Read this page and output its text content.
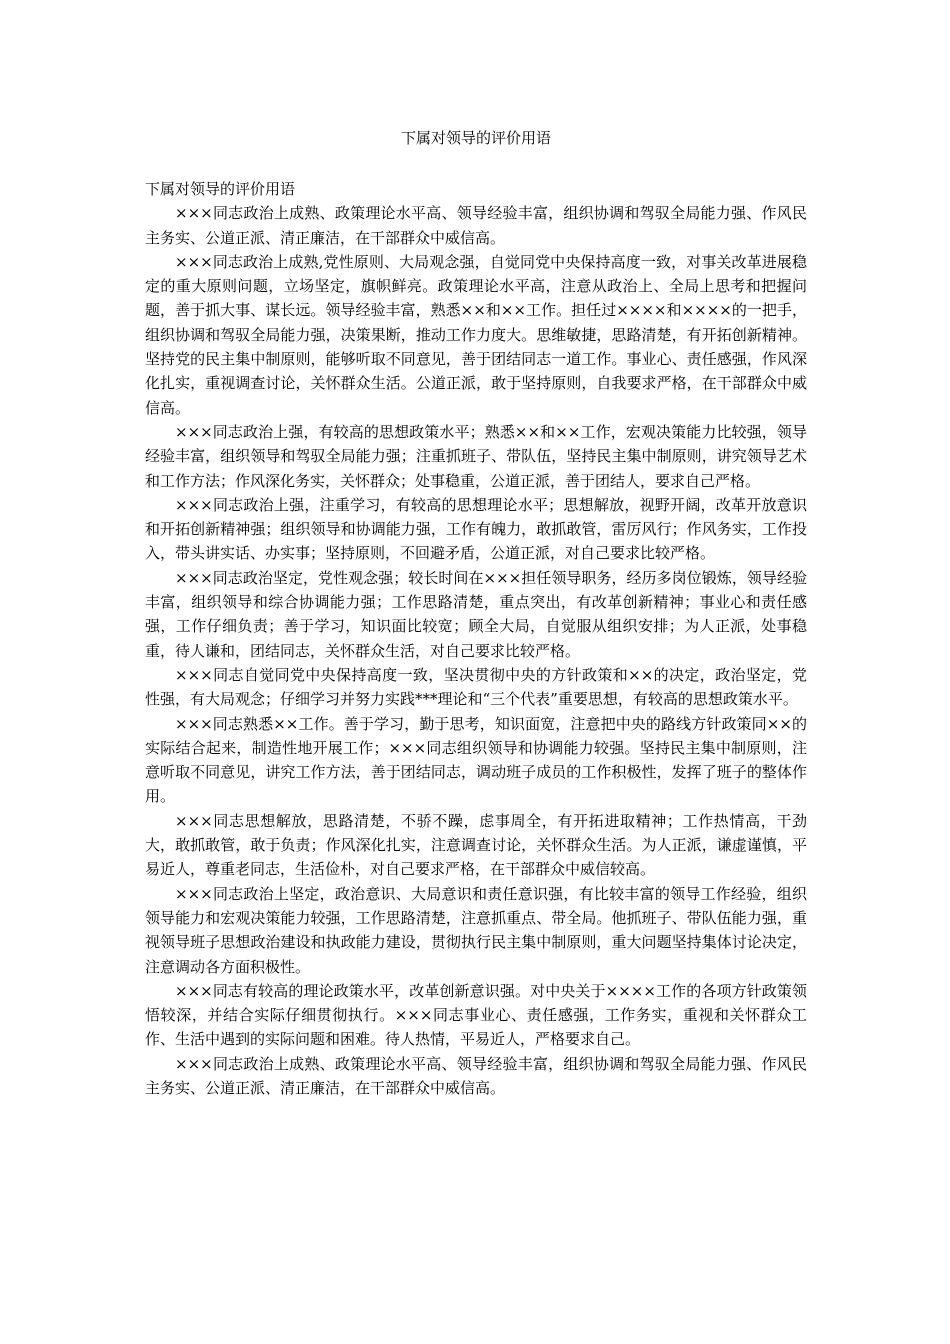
下属对领导的评价用语

下属对领导的评价用语

×××同志政治上成熟、政策理论水平高、领导经验丰富，组织协调和驾驭全局能力强、作风民主务实、公道正派、清正廉洁，在干部群众中威信高。

×××同志政治上成熟,党性原则、大局观念强，自觉同党中央保持高度一致，对事关改革进展稳定的重大原则问题，立场坚定，旗帜鲜亮。政策理论水平高，注意从政治上、全局上思考和把握问题，善于抓大事、谋长远。领导经验丰富，熟悉××和××工作。担任过××××和××××的一把手，组织协调和驾驭全局能力强，决策果断，推动工作力度大。思维敏捷，思路清楚，有开拓创新精神。坚持党的民主集中制原则，能够听取不同意见，善于团结同志一道工作。事业心、责任感强，作风深化扎实，重视调查讨论，关怀群众生活。公道正派，敢于坚持原则，自我要求严格，在干部群众中威信高。

×××同志政治上强，有较高的思想政策水平；熟悉××和××工作，宏观决策能力比较强，领导经验丰富，组织领导和驾驭全局能力强；注重抓班子、带队伍，坚持民主集中制原则，讲究领导艺术和工作方法；作风深化务实，关怀群众；处事稳重，公道正派，善于团结人，要求自己严格。

×××同志政治上强，注重学习，有较高的思想理论水平；思想解放，视野开阔，改革开放意识和开拓创新精神强；组织领导和协调能力强，工作有魄力，敢抓敢管，雷厉风行；作风务实，工作投入，带头讲实话、办实事；坚持原则，不回避矛盾，公道正派，对自己要求比较严格。

×××同志政治坚定，党性观念强；较长时间在×××担任领导职务，经历多岗位锻炼，领导经验丰富，组织领导和综合协调能力强；工作思路清楚，重点突出，有改革创新精神；事业心和责任感强，工作仔细负责；善于学习，知识面比较宽；顾全大局，自觉服从组织安排；为人正派，处事稳重，待人谦和，团结同志，关怀群众生活，对自己要求比较严格。

×××同志自觉同党中央保持高度一致，坚决贯彻中央的方针政策和××的决定，政治坚定，党性强，有大局观念；仔细学习并努力实践***理论和“三个代表”重要思想，有较高的思想政策水平。

×××同志熟悉××工作。善于学习，勤于思考，知识面宽，注意把中央的路线方针政策同××的实际结合起来，制造性地开展工作；×××同志组织领导和协调能力较强。坚持民主集中制原则，注意听取不同意见，讲究工作方法，善于团结同志，调动班子成员的工作积极性，发挥了班子的整体作用。

×××同志思想解放，思路清楚，不骄不躁，虑事周全，有开拓进取精神；工作热情高，干劲大，敢抓敢管，敢于负责；作风深化扎实，注意调查讨论，关怀群众生活。为人正派，谦虚谨慎，平易近人，尊重老同志，生活俭朴，对自己要求严格，在干部群众中威信较高。

×××同志政治上坚定，政治意识、大局意识和责任意识强，有比较丰富的领导工作经验，组织领导能力和宏观决策能力较强，工作思路清楚，注意抓重点、带全局。他抓班子、带队伍能力强，重视领导班子思想政治建设和执政能力建设，贯彻执行民主集中制原则，重大问题坚持集体讨论决定，注意调动各方面积极性。

×××同志有较高的理论政策水平，改革创新意识强。对中央关于××××工作的各项方针政策领悟较深，并结合实际仔细贯彻执行。×××同志事业心、责任感强，工作务实，重视和关怀群众工作、生活中遇到的实际问题和困难。待人热情，平易近人，严格要求自己。

×××同志政治上成熟、政策理论水平高、领导经验丰富，组织协调和驾驭全局能力强、作风民主务实、公道正派、清正廉洁，在干部群众中威信高。
